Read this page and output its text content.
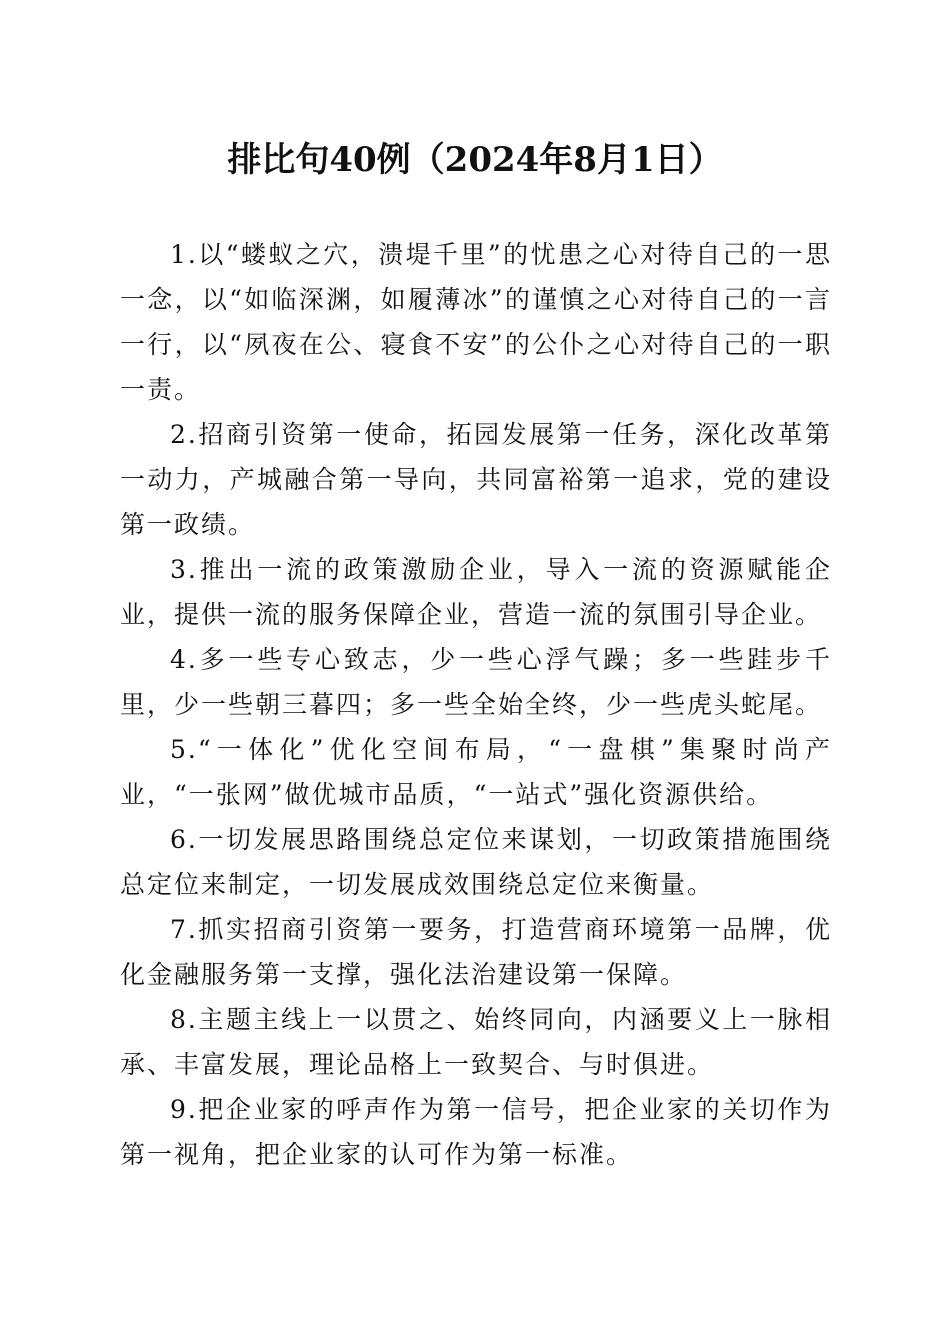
排比句40例（2024年8月1日）

1.以“蝼蚁之穴，溃堤千里”的忧患之心对待自己的一思一念，以“如临深渊，如履薄冰”的谨慎之心对待自己的一言一行，以“夙夜在公、寝食不安”的公仆之心对待自己的一职一责。

2.招商引资第一使命，拓园发展第一任务，深化改革第一动力，产城融合第一导向，共同富裕第一追求，党的建设第一政绩。

3.推出一流的政策激励企业，导入一流的资源赋能企业，提供一流的服务保障企业，营造一流的氛围引导企业。

4.多一些专心致志，少一些心浮气躁；多一些跬步千里，少一些朝三暮四；多一些全始全终，少一些虎头蛇尾。

5.“一体化”优化空间布局，“一盘棋”集聚时尚产业，“一张网”做优城市品质，“一站式”强化资源供给。

6.一切发展思路围绕总定位来谋划，一切政策措施围绕总定位来制定，一切发展成效围绕总定位来衡量。

7.抓实招商引资第一要务，打造营商环境第一品牌，优化金融服务第一支撑，强化法治建设第一保障。

8.主题主线上一以贯之、始终同向，内涵要义上一脉相承、丰富发展，理论品格上一致契合、与时俱进。

9.把企业家的呼声作为第一信号，把企业家的关切作为第一视角，把企业家的认可作为第一标准。
